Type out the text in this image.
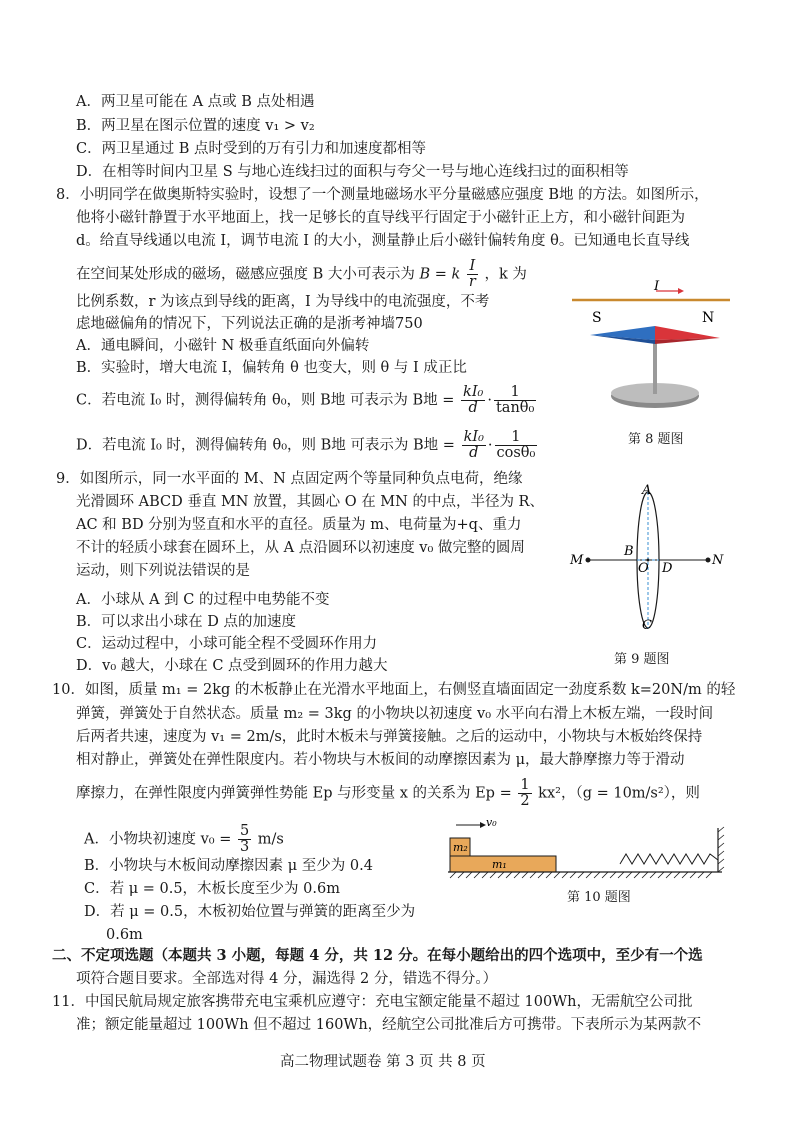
A．两卫星可能在 A 点或 B 点处相遇
B．两卫星在图示位置的速度 v₁ > v₂
C．两卫星通过 B 点时受到的万有引力和加速度都相等
D．在相等时间内卫星 S 与地心连线扫过的面积与夸父一号与地心连线扫过的面积相等
8．小明同学在做奥斯特实验时，设想了一个测量地磁场水平分量磁感应强度 B地 的方法。如图所示，
他将小磁针静置于水平地面上，找一足够长的直导线平行固定于小磁针正上方，和小磁针间距为
d。给直导线通以电流 I，调节电流 I 的大小，测量静止后小磁针偏转角度 θ。已知通电长直导线
在空间某处形成的磁场，磁感应强度 B 大小可表示为 B = k $\frac{I}{r}$ ，k 为
比例系数，r 为该点到导线的距离，I 为导线中的电流强度，不考
虑地磁偏角的情况下，下列说法正确的是浙考神墙750
A．通电瞬间，小磁针 N 极垂直纸面向外偏转
B．实验时，增大电流 I，偏转角 θ 也变大，则 θ 与 I 成正比
C．若电流 I₀ 时，测得偏转角 θ₀，则 B地 可表示为 B地 = $\frac{\text{kI₀}}{d} \cdot \frac{1}{\text{tanθ₀}}$
D．若电流 I₀ 时，测得偏转角 θ₀，则 B地 可表示为 B地 = $\frac{\text{kI₀}}{d} \cdot \frac{1}{\text{cosθ₀}}$
I
S	N
第 8 题图
9．如图所示，同一水平面的 M、N 点固定两个等量同种负点电荷，绝缘
光滑圆环 ABCD 垂直 MN 放置，其圆心 O 在 MN 的中点，半径为 R、
AC 和 BD 分别为竖直和水平的直径。质量为 m、电荷量为+q、重力
不计的轻质小球套在圆环上，从 A 点沿圆环以初速度 v₀ 做完整的圆周
运动，则下列说法错误的是
A．小球从 A 到 C 的过程中电势能不变
B．可以求出小球在 D 点的加速度
C．运动过程中，小球可能全程不受圆环作用力
D．v₀ 越大，小球在 C 点受到圆环的作用力越大
A
C
B
D
O
M	N
第 9 题图
10．如图，质量 m₁ = 2kg 的木板静止在光滑水平地面上，右侧竖直墙面固定一劲度系数 k=20N/m 的轻
弹簧，弹簧处于自然状态。质量 m₂ = 3kg 的小物块以初速度 v₀ 水平向右滑上木板左端，一段时间
后两者共速，速度为 v₁ = 2m/s，此时木板未与弹簧接触。之后的运动中，小物块与木板始终保持
相对静止，弹簧处在弹性限度内。若小物块与木板间的动摩擦因素为 μ，最大静摩擦力等于滑动
摩擦力，在弹性限度内弹簧弹性势能 Ep 与形变量 x 的关系为 $Ep = \frac{1}{2} kx^2$，（g = 10m/s²），则
A．小物块初速度 $v_0 = \frac{5}{3} m/s$
B．小物块与木板间动摩擦因素 μ 至少为 0.4
C．若 μ = 0.5，木板长度至少为 0.6m
D．若 μ = 0.5，木板初始位置与弹簧的距离至少为
0.6m
v₀
m₂
m₁
第 10 题图
二、不定项选题（本题共 3 小题，每题 4 分，共 12 分。在每小题给出的四个选项中，至少有一个选
项符合题目要求。全部选对得 4 分，漏选得 2 分，错选不得分。）
11．中国民航局规定旅客携带充电宝乘机应遵守：充电宝额定能量不超过 100Wh，无需航空公司批
准；额定能量超过 100Wh 但不超过 160Wh，经航空公司批准后方可携带。下表所示为某两款不
高二物理试题卷 第 3 页 共 8 页
